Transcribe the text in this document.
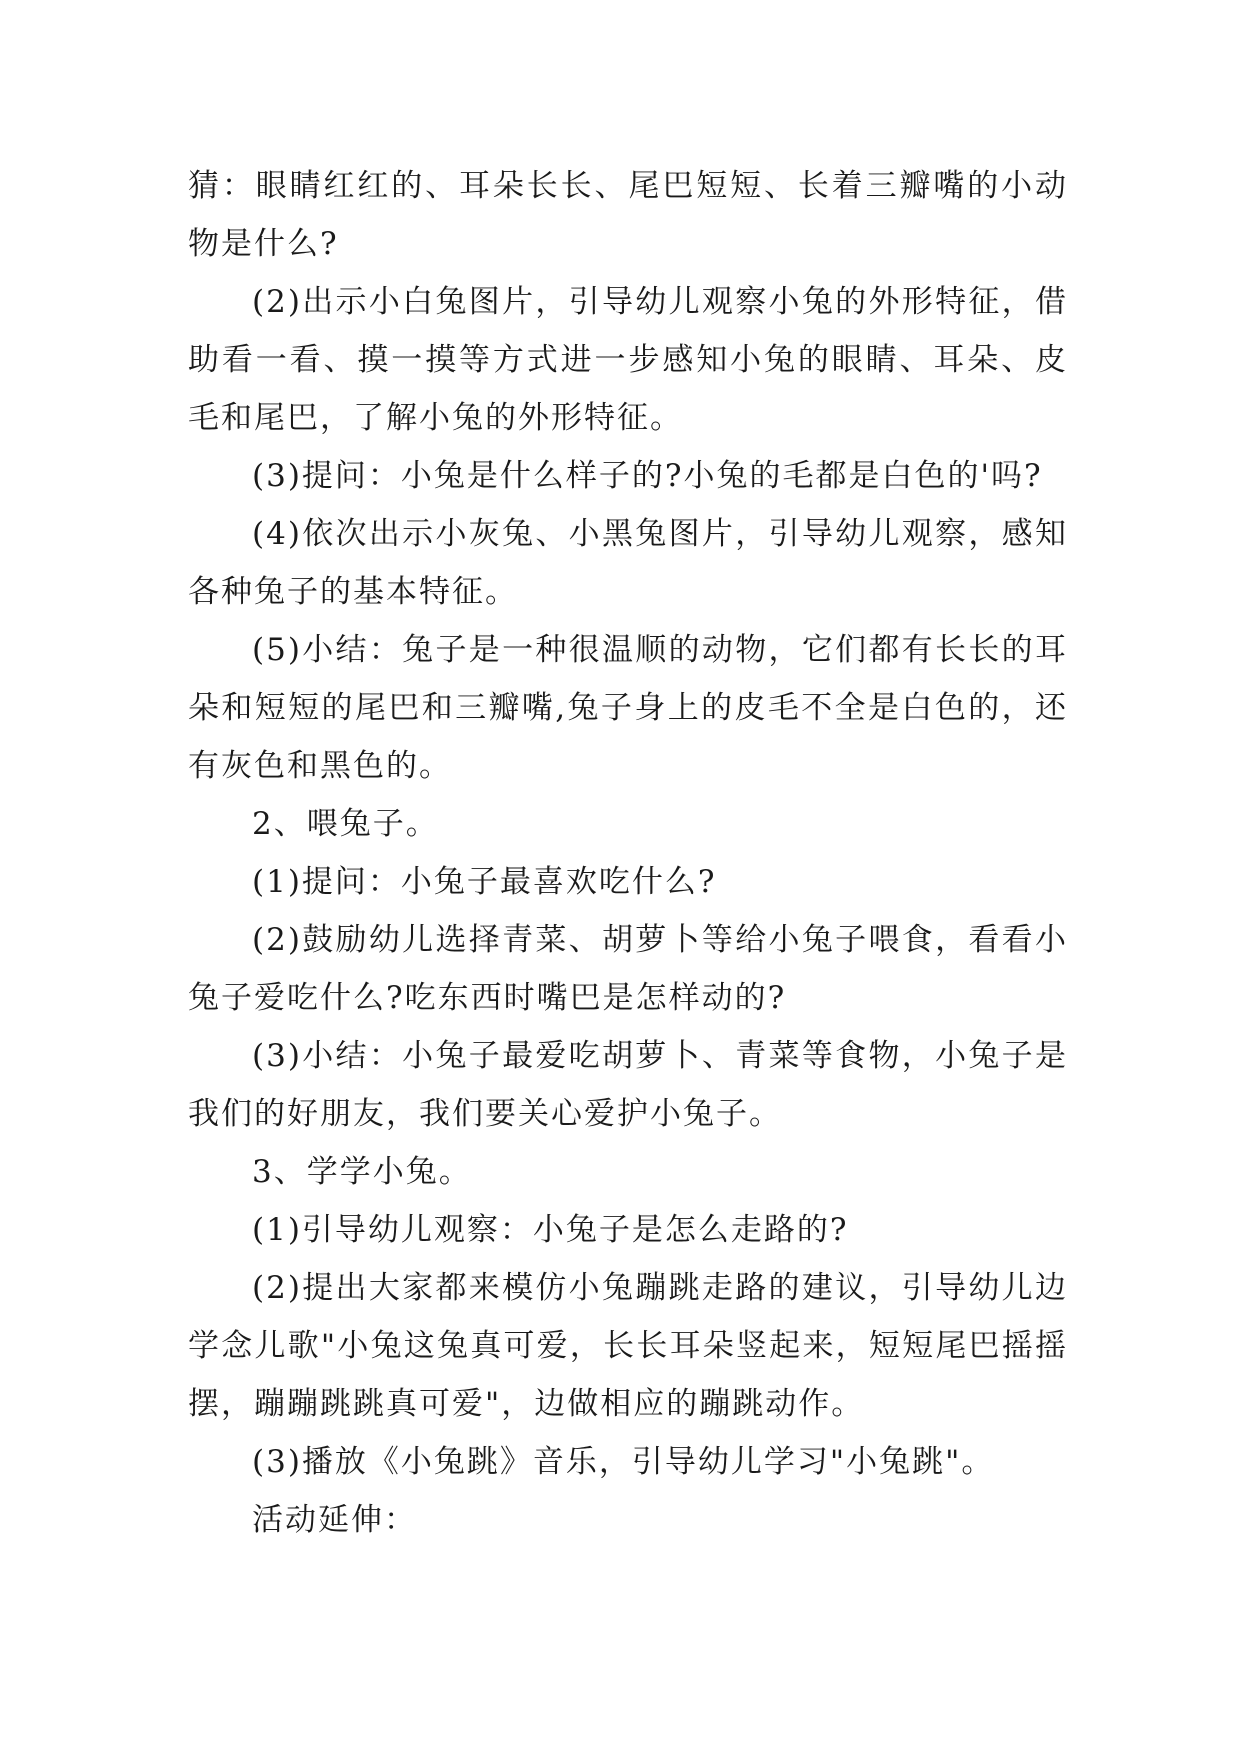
猜：眼睛红红的、耳朵长长、尾巴短短、长着三瓣嘴的小动物是什么?

(2)出示小白兔图片，引导幼儿观察小兔的外形特征，借助看一看、摸一摸等方式进一步感知小兔的眼睛、耳朵、皮毛和尾巴，了解小兔的外形特征。

(3)提问：小兔是什么样子的?小兔的毛都是白色的'吗?

(4)依次出示小灰兔、小黑兔图片，引导幼儿观察，感知各种兔子的基本特征。

(5)小结：兔子是一种很温顺的动物，它们都有长长的耳朵和短短的尾巴和三瓣嘴,兔子身上的皮毛不全是白色的，还有灰色和黑色的。

2、喂兔子。

(1)提问：小兔子最喜欢吃什么?

(2)鼓励幼儿选择青菜、胡萝卜等给小兔子喂食，看看小兔子爱吃什么?吃东西时嘴巴是怎样动的?

(3)小结：小兔子最爱吃胡萝卜、青菜等食物，小兔子是我们的好朋友，我们要关心爱护小兔子。

3、学学小兔。

(1)引导幼儿观察：小兔子是怎么走路的?

(2)提出大家都来模仿小兔蹦跳走路的建议，引导幼儿边学念儿歌"小兔这兔真可爱，长长耳朵竖起来，短短尾巴摇摇摆，蹦蹦跳跳真可爱"，边做相应的蹦跳动作。

(3)播放《小兔跳》音乐，引导幼儿学习"小兔跳"。

活动延伸：
